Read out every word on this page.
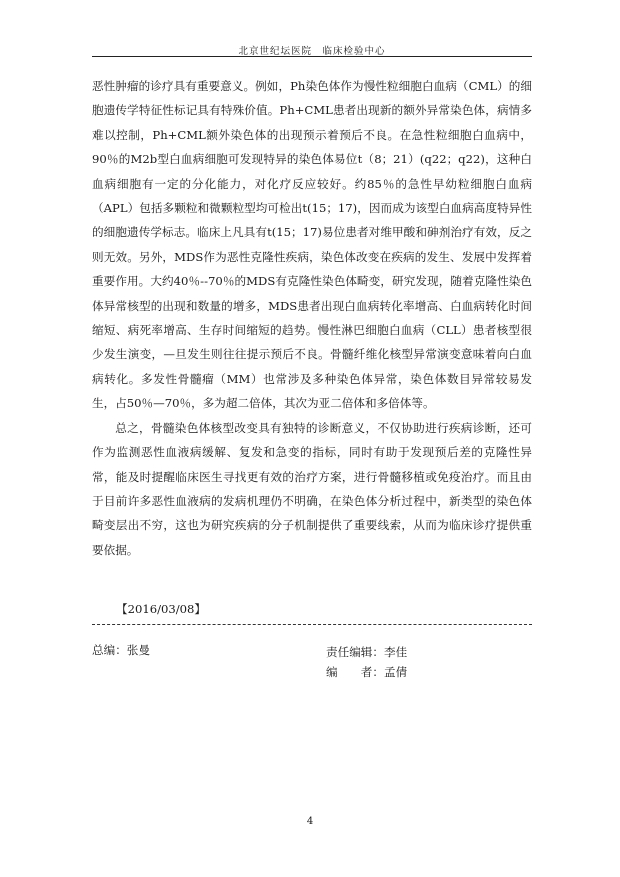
北京世纪坛医院　临床检验中心

恶性肿瘤的诊疗具有重要意义。例如，Ph染色体作为慢性粒细胞白血病（CML）的细胞遗传学特征性标记具有特殊价值。Ph+CML患者出现新的额外异常染色体，病情多难以控制，Ph+CML额外染色体的出现预示着预后不良。在急性粒细胞白血病中，90％的M2b型白血病细胞可发现特异的染色体易位t（8；21）(q22；q22)，这种白血病细胞有一定的分化能力，对化疗反应较好。约85％的急性早幼粒细胞白血病（APL）包括多颗粒和微颗粒型均可检出t(15；17)，因而成为该型白血病高度特异性的细胞遗传学标志。临床上凡具有t(15；17)易位患者对维甲酸和砷剂治疗有效，反之则无效。另外，MDS作为恶性克隆性疾病，染色体改变在疾病的发生、发展中发挥着重要作用。大约40％--70％的MDS有克隆性染色体畸变，研究发现，随着克隆性染色体异常核型的出现和数量的增多，MDS患者出现白血病转化率增高、白血病转化时间缩短、病死率增高、生存时间缩短的趋势。慢性淋巴细胞白血病（CLL）患者核型很少发生演变，—旦发生则往往提示预后不良。骨髓纤维化核型异常演变意味着向白血病转化。多发性骨髓瘤（MM）也常涉及多种染色体异常，染色体数目异常较易发生，占50％—70％，多为超二倍体，其次为亚二倍体和多倍体等。

总之，骨髓染色体核型改变具有独特的诊断意义，不仅协助进行疾病诊断，还可作为监测恶性血液病缓解、复发和急变的指标，同时有助于发现预后差的克隆性异常，能及时提醒临床医生寻找更有效的治疗方案，进行骨髓移植或免疫治疗。而且由于目前许多恶性血液病的发病机理仍不明确，在染色体分析过程中，新类型的染色体畸变层出不穷，这也为研究疾病的分子机制提供了重要线索，从而为临床诊疗提供重要依据。

【2016/03/08】
总编：张曼	责任编辑：李佳
编　　者：孟倩
4
